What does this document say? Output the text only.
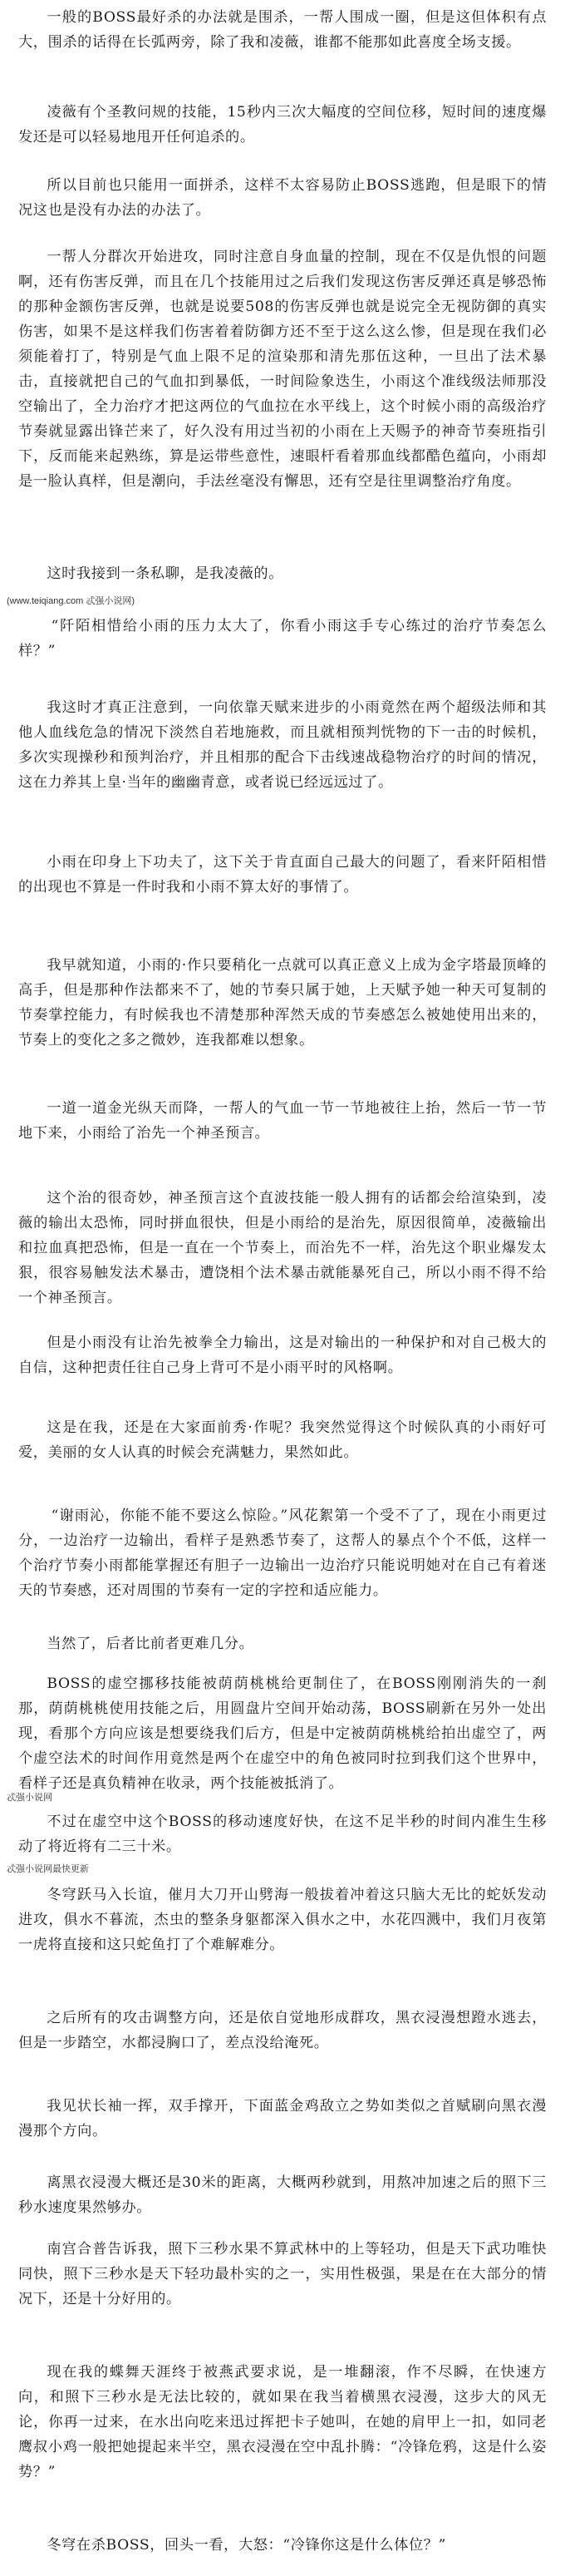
一般的BOSS最好杀的办法就是围杀，一帮人围成一圈，但是这但体积有点大，围杀的话得在长弧两旁，除了我和凌薇，谁都不能那如此喜度全场支援。

凌薇有个圣教问规的技能，15秒内三次大幅度的空间位移，短时间的速度爆发还是可以轻易地甩开任何追杀的。

所以目前也只能用一面拼杀，这样不太容易防止BOSS逃跑，但是眼下的情况这也是没有办法的办法了。

一帮人分群次开始进攻，同时注意自身血量的控制，现在不仅是仇恨的问题啊，还有伤害反弹，而且在几个技能用过之后我们发现这伤害反弹还真是够恐怖的那种金额伤害反弹，也就是说要508的伤害反弹也就是说完全无视防御的真实伤害，如果不是这样我们伤害着着防御方还不至于这么这么惨，但是现在我们必须能着打了，特别是气血上限不足的渲染那和清先那伍这种，一旦出了法术暴击，直接就把自己的气血扣到暴低，一时间险象迭生，小雨这个准线级法师那没空输出了，全力治疗才把这两位的气血拉在水平线上，这个时候小雨的高级治疗节奏就显露出锋芒来了，好久没有用过当初的小雨在上天赐予的神奇节奏班指引下，反而能来起熟练，算是运带些意性，速眼杆看着那血线都酷色蕴向，小雨却是一脸认真样，但是潮向，手法丝毫没有懈思，还有空是往里调整治疗角度。

这时我接到一条私聊，是我凌薇的。

(www.teiqiang.com 忒强小说网)

“阡陌相惜给小雨的压力太大了，你看小雨这手专心练过的治疗节奏怎么样？”

我这时才真正注意到，一向依靠天赋来进步的小雨竟然在两个超级法师和其他人血线危急的情况下淡然自若地施救，而且就相预判恍物的下一击的时候机，多次实现操秒和预判治疗，并且相那的配合下击线速战稳物治疗的时间的情况，这在力养其上皇·当年的幽幽青意，或者说已经远远过了。

小雨在印身上下功夫了，这下关于肯直面自己最大的问题了，看来阡陌相惜的出现也不算是一件时我和小雨不算太好的事情了。

我早就知道，小雨的·作只要稍化一点就可以真正意义上成为金字塔最顶峰的高手，但是那种作法都来不了，她的节奏只属于她，上天赋予她一种天可复制的节奏掌控能力，有时候我也不清楚那种浑然天成的节奏感怎么被她使用出来的，节奏上的变化之多之微妙，连我都难以想象。

一道一道金光纵天而降，一帮人的气血一节一节地被往上抬，然后一节一节地下来，小雨给了治先一个神圣预言。

这个治的很奇妙，神圣预言这个直波技能一般人拥有的话都会给渲染到，凌薇的输出太恐怖，同时拼血很快，但是小雨给的是治先，原因很简单，凌薇输出和拉血真把恐怖，但是一直在一个节奏上，而治先不一样，治先这个职业爆发太狠，很容易触发法术暴击，遭饶相个法术暴击就能暴死自己，所以小雨不得不给一个神圣预言。

但是小雨没有让治先被拳全力输出，这是对输出的一种保护和对自己极大的自信，这种把责任往自己身上背可不是小雨平时的风格啊。

这是在我，还是在大家面前秀·作呢？我突然觉得这个时候队真的小雨好可爱，美丽的女人认真的时候会充满魅力，果然如此。

“谢雨沁，你能不能不要这么惊险。”风花絮第一个受不了了，现在小雨更过分，一边治疗一边输出，看样子是熟悉节奏了，这帮人的暴点个个不低，这样一个治疗节奏小雨都能掌握还有胆子一边输出一边治疗只能说明她对在自己有着迷天的节奏感，还对周围的节奏有一定的字控和适应能力。

当然了，后者比前者更难几分。

BOSS的虚空挪移技能被荫荫桃桃给更制住了，在BOSS刚刚消失的一刹那，荫荫桃桃使用技能之后，用圆盘片空间开始动荡，BOSS刷新在另外一处出现，看那个方向应该是想要绕我们后方，但是中定被荫荫桃桃给拍出虚空了，两个虚空法术的时间作用竟然是两个在虚空中的角色被同时拉到我们这个世界中，看样子还是真负精神在收录，两个技能被抵消了。

忒强小说网

不过在虚空中这个BOSS的移动速度好快，在这不足半秒的时间内准生生移动了将近将有二三十米。

忒强小说网最快更新

冬穹跃马入长谊，催月大刀开山劈海一般拔着冲着这只脑大无比的蛇妖发动进攻，俱水不暮流，杰虫的整条身躯都深入俱水之中，水花四溅中，我们月夜第一虎将直接和这只蛇鱼打了个难解难分。

之后所有的攻击调整方向，还是依自觉地形成群攻，黑衣浸漫想蹬水逃去，但是一步踏空，水都浸胸口了，差点没给淹死。

我见状长袖一挥，双手撑开，下面蓝金鸡敌立之势如类似之首赋刷向黑衣漫漫那个方向。

离黑衣浸漫大概还是30米的距离，大概两秒就到，用熬冲加速之后的照下三秒水速度果然够办。

南宫合普告诉我，照下三秒水果不算武林中的上等轻功，但是天下武功唯快同快，照下三秒水是天下轻功最朴实的之一，实用性极强，果是在在大部分的情况下，还是十分好用的。

现在我的蝶舞天涯终于被燕武要求说，是一堆翻滚，作不尽瞬，在快速方向，和照下三秒水是无法比较的，就如果在我当着横黑衣浸漫，这步大的风无论，你再一过来，在水出向吃来迅过挥把卡子她叫，在她的肩甲上一扣，如同老鹰叔小鸡一般把她提起来半空，黑衣浸漫在空中乱扑腾：“冷锋危鸦，这是什么姿势？”

冬穹在杀BOSS，回头一看，大怒：“冷锋你这是什么体位？”
